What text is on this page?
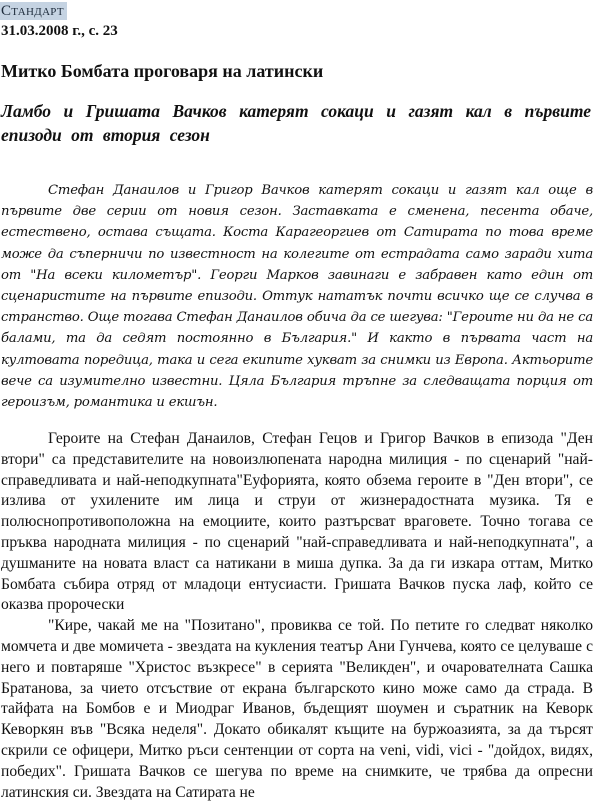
Стандарт
31.03.2008 г., с. 23
Митко Бомбата проговаря на латински
Ламбо и Гришата Вачков катерят сокаци и газят кал в първите епизоди от втория сезон

Стефан Данаилов и Григор Вачков катерят сокаци и газят кал още в първите две серии от новия сезон. Заставката е сменена, песента обаче, естествено, остава същата. Коста Карагеоргиев от Сатирата по това време може да съперничи по известност на колегите от естрадата само заради хита от "На всеки километър". Георги Марков завинаги е забравен като един от сценаристите на първите епизоди. Оттук нататък почти всичко ще се случва в странство. Още тогава Стефан Данаилов обича да се шегува: "Героите ни да не са балами, та да седят постоянно в България." И както в първата част на култовата поредица, така и сега екипите хукват за снимки из Европа. Актьорите вече са изумително известни. Цяла България тръпне за следващата порция от героизъм, романтика и екшън.

Героите на Стефан Данаилов, Стефан Гецов и Григор Вачков в епизода "Ден втори" са представителите на новоизлюпената народна милиция - по сценарий "най-справедливата и най-неподкупната"Еуфорията, която обзема героите в "Ден втори", се излива от ухилените им лица и струи от жизнерадостната музика. Тя е полюснопротивоположна на емоциите, които разтърсват враговете. Точно тогава се пръква народната милиция - по сценарий "най-справедливата и най-неподкупната", а душманите на новата власт са натикани в миша дупка. За да ги изкара оттам, Митко Бомбата събира отряд от младоци ентусиасти. Гришата Вачков пуска лаф, който се оказва пророчески

"Кире, чакай ме на "Позитано", провиква се той. По петите го следват няколко момчета и две момичета - звездата на кукления театър Ани Гунчева, която се целуваше с него и повтаряше "Христос възкресе" в серията "Великден", и очарователната Сашка Братанова, за чието отсъствие от екрана българското кино може само да страда. В тайфата на Бомбов е и Миодраг Иванов, бъдещият шоумен и съратник на Кеворк Кеворкян във "Всяка неделя". Докато обикалят къщите на буржоазията, за да търсят скрили се офицери, Митко ръси сентенции от сорта на veni, vidi, vici - "дойдох, видях, победих". Гришата Вачков се шегува по време на снимките, че трябва да опресни латинския си. Звездата на Сатирата не
